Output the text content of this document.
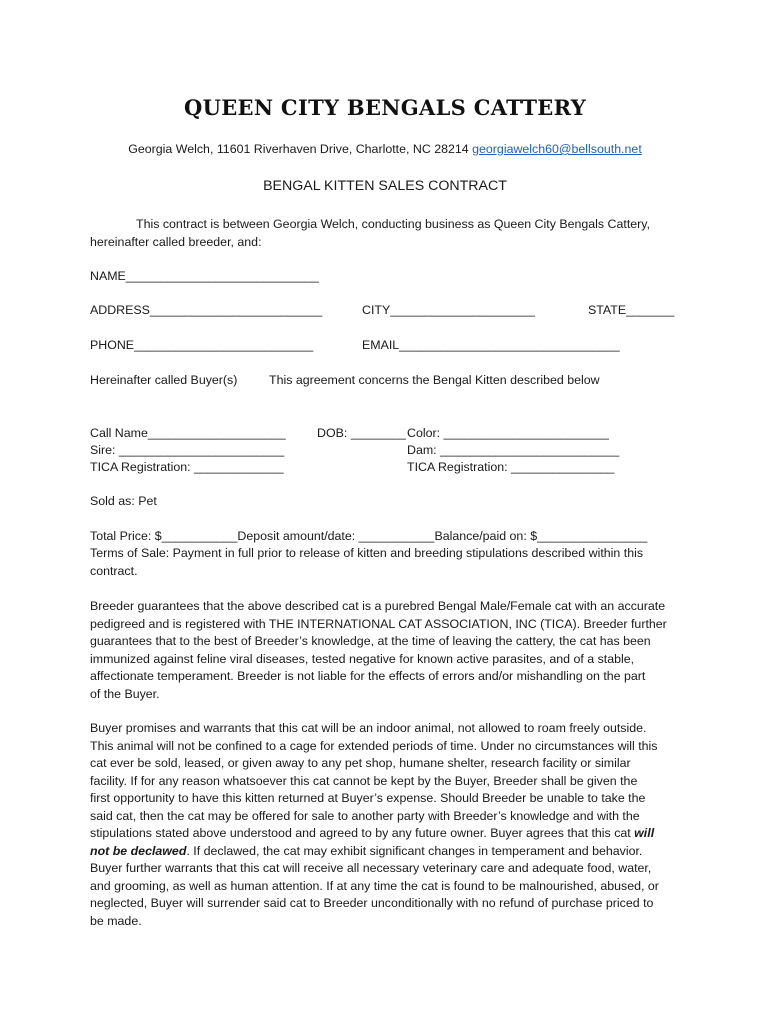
QUEEN CITY BENGALS CATTERY
Georgia Welch, 11601 Riverhaven Drive, Charlotte, NC 28214 georgiawelch60@bellsouth.net
BENGAL KITTEN SALES CONTRACT
This contract is between Georgia Welch, conducting business as Queen City Bengals Cattery,
hereinafter called breeder, and:
NAME____________________________
ADDRESS_________________________	CITY_____________________	STATE_______
PHONE__________________________	EMAIL________________________________
Hereinafter called Buyer(s)	This agreement concerns the Bengal Kitten described below
Call Name____________________	DOB: ________ Color: ________________________
Sire: ________________________	Dam: __________________________
TICA Registration: _____________	TICA Registration: _______________
Sold as: Pet
Total Price: $___________Deposit amount/date: ___________Balance/paid on: $________________
Terms of Sale: Payment in full prior to release of kitten and breeding stipulations described within this
contract.

Breeder guarantees that the above described cat is a purebred Bengal Male/Female cat with an accurate

pedigreed and is registered with THE INTERNATIONAL CAT ASSOCIATION, INC (TICA). Breeder further

guarantees that to the best of Breeder’s knowledge, at the time of leaving the cattery, the cat has been

immunized against feline viral diseases, tested negative for known active parasites, and of a stable,

affectionate temperament. Breeder is not liable for the effects of errors and/or mishandling on the part

of the Buyer.

Buyer promises and warrants that this cat will be an indoor animal, not allowed to roam freely outside.

This animal will not be confined to a cage for extended periods of time. Under no circumstances will this

cat ever be sold, leased, or given away to any pet shop, humane shelter, research facility or similar

facility. If for any reason whatsoever this cat cannot be kept by the Buyer, Breeder shall be given the

first opportunity to have this kitten returned at Buyer’s expense. Should Breeder be unable to take the

said cat, then the cat may be offered for sale to another party with Breeder’s knowledge and with the

stipulations stated above understood and agreed to by any future owner. Buyer agrees that this cat will

not be declawed. If declawed, the cat may exhibit significant changes in temperament and behavior.

Buyer further warrants that this cat will receive all necessary veterinary care and adequate food, water,

and grooming, as well as human attention. If at any time the cat is found to be malnourished, abused, or

neglected, Buyer will surrender said cat to Breeder unconditionally with no refund of purchase priced to

be made.
